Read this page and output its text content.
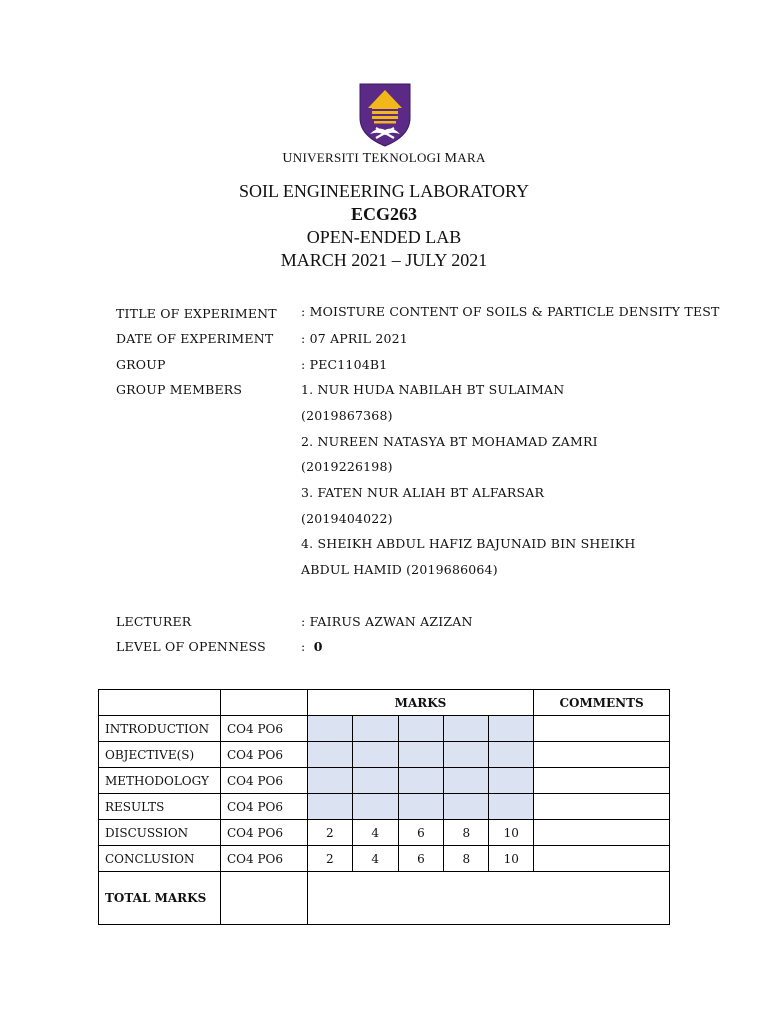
UNIVERSITI TEKNOLOGI MARA
SOIL ENGINEERING LABORATORY
ECG263
OPEN-ENDED LAB
MARCH 2021 – JULY 2021
TITLE OF EXPERIMENT : MOISTURE CONTENT OF SOILS & PARTICLE DENSITY TEST
DATE OF EXPERIMENT : 07 APRIL 2021
GROUP	: PEC1104B1
GROUP MEMBERS	1. NUR HUDA NABILAH BT SULAIMAN
(2019867368)
2. NUREEN NATASYA BT MOHAMAD ZAMRI
(2019226198)
3. FATEN NUR ALIAH BT ALFARSAR
(2019404022)
4. SHEIKH ABDUL HAFIZ BAJUNAID BIN SHEIKH
ABDUL HAMID (2019686064)
LECTURER	: FAIRUS AZWAN AZIZAN
LEVEL OF OPENNESS	: 0
		MARKS					COMMENTS
INTRODUCTION	CO4 PO6						
OBJECTIVE(S)	CO4 PO6						
METHODOLOGY	CO4 PO6						
RESULTS	CO4 PO6						
DISCUSSION	CO4 PO6	2	4	6	8	10	
CONCLUSION	CO4 PO6	2	4	6	8	10	
TOTAL MARKS							
